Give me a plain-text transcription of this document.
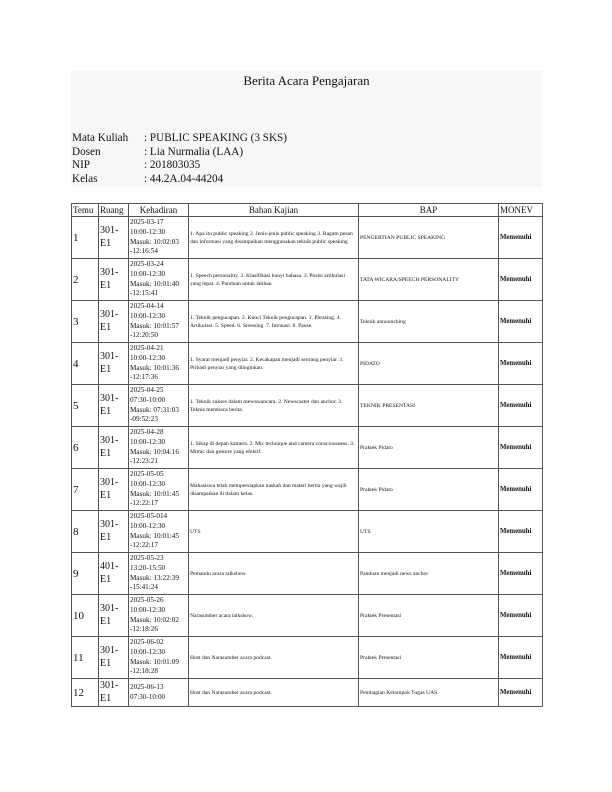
Berita Acara Pengajaran
Mata Kuliah	: PUBLIC SPEAKING (3 SKS)
Dosen	: Lia Nurmalia (LAA)
NIP	: 201803035
Kelas	: 44.2A.04-44204
Temu	Ruang	Kehadiran	Bahan Kajian	BAP	MONEV
1	301-E1	2025-03-17
10:00-12:30
Masuk: 10:02:03
-12:16:54	1. Apa itu public speaking 2. Jenis-jenis public speaking 3. Ragam pesan dan informasi yang disampaikan menggunakan teknik public speaking	PENGERTIAN PUBLIC SPEAKING	Memenuhi
2	301-E1	2025-03-24
10:00-12:30
Masuk: 10:01:40
-12:15:41	1. Speech personality. 2. Klasifikasi bunyi bahasa. 3. Posisi artikulasi yang tepat. 4. Panduan untuk latihan	TATA WICARA/SPEECH PERSONALITY	Memenuhi
3	301-E1	2025-04-14
10:00-12:30
Masuk: 10:01:57
-12:20:50	1. Teknik pengucapan. 2. Kunci Teknik pengucapan. 3. Phrasing. 4. Artikulasi. 5. Speed. 6. Stressing. 7. Intonasi. 8. Pause.	Teknik announching	Memenuhi
4	301-E1	2025-04-21
10:00-12:30
Masuk: 10:01:36
-12:17:36	1. Syarat menjadi penyiar. 2. Kecakapan menjadi seorang penyiar. 3. Pribadi penyiar yang diinginkan.	PIDATO	Memenuhi
5	301-E1	2025-04-25
07:30-10:00
Masuk: 07:31:03
-09:52:23	1. Teknik sukses dalam mewawancara. 2. Newscaster dan anchor. 3. Teknis membaca berita.	TEKNIK PRESENTASI	Memenuhi
6	301-E1	2025-04-28
10:00-12:30
Masuk: 10:04:16
-12:23:21	1. Sikap di depan kamera. 2. Mic technique and camera consciousness. 3. Mimic dan gesture yang efektif.	Praktek Pidato	Memenuhi
7	301-E1	2025-05-05
10:00-12:30
Masuk: 10:01:45
-12:22:17	Mahasiswa telah mempersiapkan naskah dan materi berita yang wajib disampaikan di dalam kelas.	Praktek Pidato	Memenuhi
8	301-E1	2025-05-014
10:00-12:30
Masuk: 10:01:45
-12:22:17	UTS	UTS	Memenuhi
9	401-E1	2025-05-23
13:20-15:50
Masuk: 13:22:39
-15:41:24	Pemandu acara talkshow.	Panduan menjadi news anchor	Memenuhi
10	301-E1	2025-05-26
10:00-12:30
Masuk: 10:02:02
-12:18:26	Narasumber acara talkshow.	Praktek Presentasi	Memenuhi
11	301-E1	2025-06-02
10:00-12:30
Masuk: 10:01:09
-12:18:28	Host dan Narasumber acara podcast.	Praktek Presentasi	Memenuhi
12	301-E1	2025-06-13
07:30-10:00	Host dan Narasumber acara podcast.	Pembagian Kelompok Tugas UAS	Memenuhi
